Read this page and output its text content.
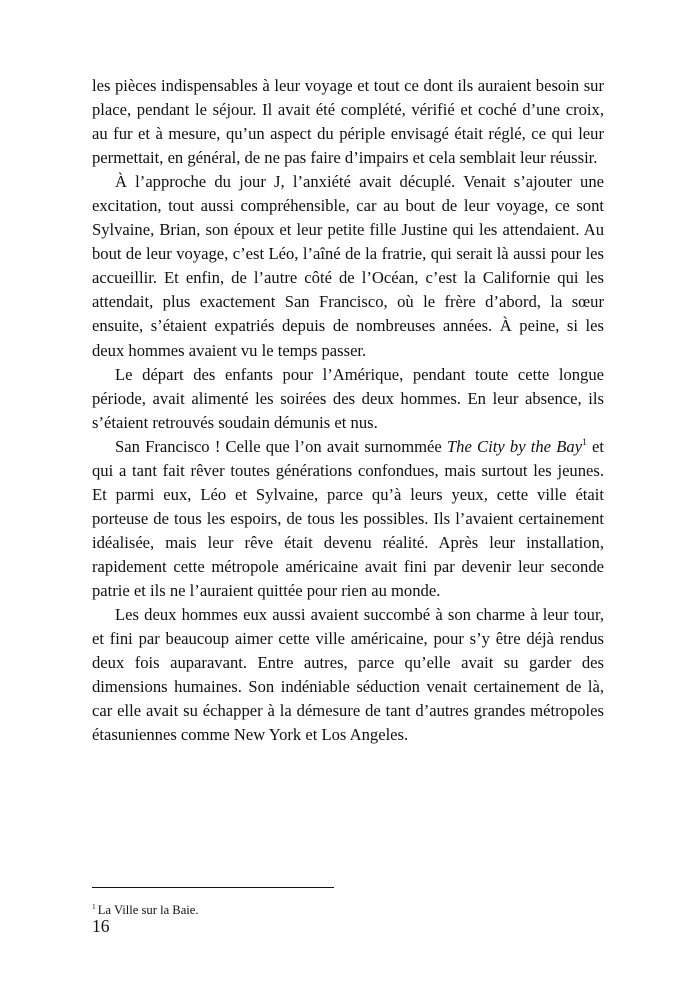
les pièces indispensables à leur voyage et tout ce dont ils auraient besoin sur place, pendant le séjour. Il avait été complété, vérifié et coché d’une croix, au fur et à mesure, qu’un aspect du périple envisagé était réglé, ce qui leur permettait, en général, de ne pas faire d’impairs et cela semblait leur réussir.

À l’approche du jour J, l’anxiété avait décuplé. Venait s’ajouter une excitation, tout aussi compréhensible, car au bout de leur voyage, ce sont Sylvaine, Brian, son époux et leur petite fille Justine qui les attendaient. Au bout de leur voyage, c’est Léo, l’aîné de la fratrie, qui serait là aussi pour les accueillir. Et enfin, de l’autre côté de l’Océan, c’est la Californie qui les attendait, plus exactement San Francisco, où le frère d’abord, la sœur ensuite, s’étaient expatriés depuis de nombreuses années. À peine, si les deux hommes avaient vu le temps passer.

Le départ des enfants pour l’Amérique, pendant toute cette longue période, avait alimenté les soirées des deux hommes. En leur absence, ils s’étaient retrouvés soudain démunis et nus.

San Francisco ! Celle que l’on avait surnommée The City by the Bay$^1$ et qui a tant fait rêver toutes générations confondues, mais surtout les jeunes. Et parmi eux, Léo et Sylvaine, parce qu’à leurs yeux, cette ville était porteuse de tous les espoirs, de tous les possibles. Ils l’avaient certainement idéalisée, mais leur rêve était devenu réalité. Après leur installation, rapidement cette métropole américaine avait fini par devenir leur seconde patrie et ils ne l’auraient quittée pour rien au monde.

Les deux hommes eux aussi avaient succombé à son charme à leur tour, et fini par beaucoup aimer cette ville américaine, pour s’y être déjà rendus deux fois auparavant. Entre autres, parce qu’elle avait su garder des dimensions humaines. Son indéniable séduction venait certainement de là, car elle avait su échapper à la démesure de tant d’autres grandes métropoles étasuniennes comme New York et Los Angeles.

$^1$ La Ville sur la Baie.
16
